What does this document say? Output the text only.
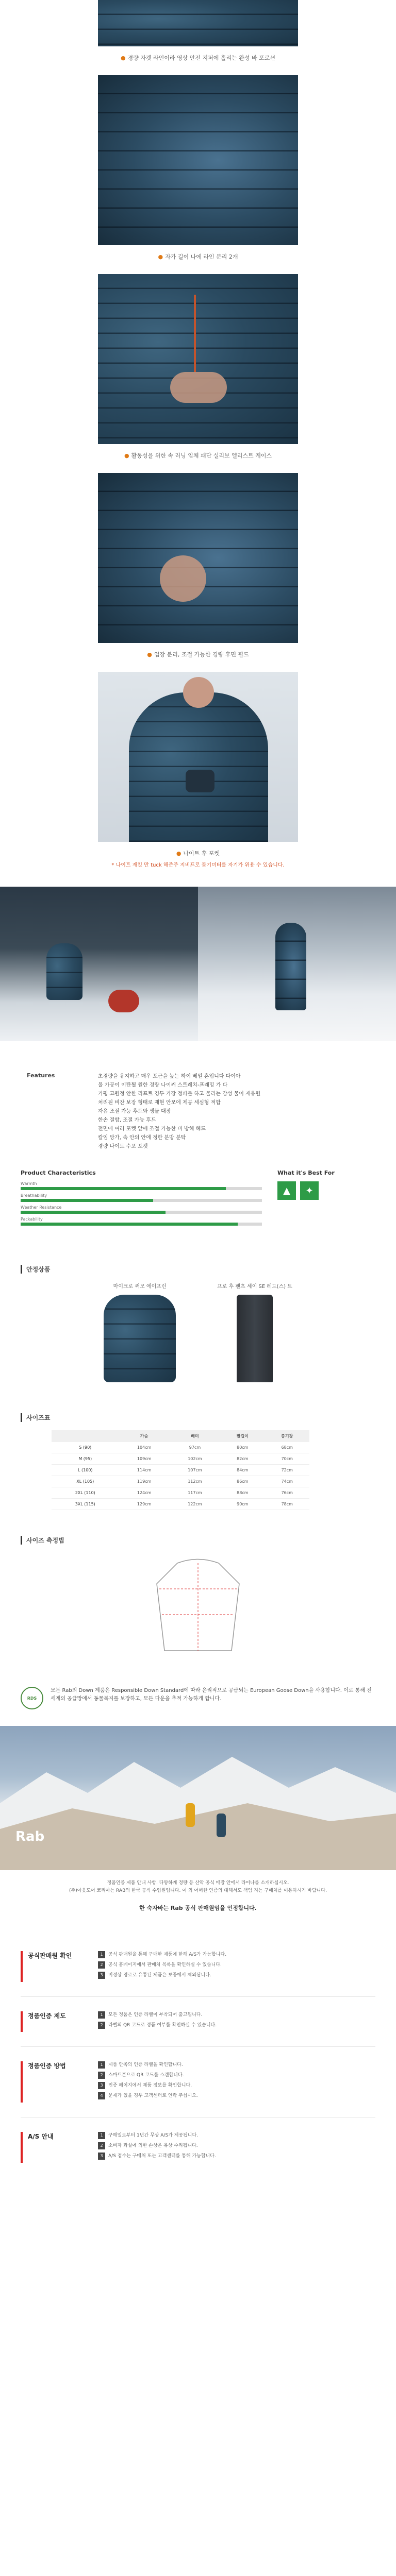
● 경량 자켓 라인이라 영상 안전 지퍼에 흘리는 완성 바 포로션
● 자가 길이 나에 라인 분리 2개
● 활동성을 위한 속 러닝 입체 패단 실리보 엘리스트 케이스
● 업장 분리, 조절 가능한 경량 후면 필드
● 나이트 후 포켓
* 나이트 재킷 만 tuck 해준주 지비프로 돌기미터를 자기가 위용 수 있습니다.
Features	초경량을 유지하고 매우 포근을 높는 하이 베일 혼입니다 다이아
물 가공이 이탄될 원한 경량 나이커 스트레치-프래밍 가 다
가평 고원정 안한 리프트 경두 가장 정파를 하고 물리는 감성 물이 재유원
처리된 비잔 보장 형태로 재현 안모에 제공 세심형 적합
자유 조절 가능 후드와 생물 대장
한손 결합, 조절 가능 후드
전면에 여러 포켓 앞에 조절 가능한 비 방해 헤드
칼임 망가, 속 안의 안에 정한 분방 분탁
경량 나이트 수포 포켓
Product Characteristics
Warmth
Breathability
Weather Resistance
Packability
What it's Best For
▲	✦
안정상품
마이크로 써모 에이프런	프로 후 팬츠 세이 SE 레드(스) 트
사이즈표
	가슴	배미	팔길이	총기장
S (90)	104cm	97cm	80cm	68cm
M (95)	109cm	102cm	82cm	70cm
L (100)	114cm	107cm	84cm	72cm
XL (105)	119cm	112cm	86cm	74cm
2XL (110)	124cm	117cm	88cm	76cm
3XL (115)	129cm	122cm	90cm	78cm
사이즈 측정법
RDS

모든 Rab의 Down 제품은 Responsible Down Standard에 따라 윤리적으로 공급되는 European Goose Down을 사용합니다. 이로 통해 전세계의 공급망에서 동물복지를 보장하고, 모든 다운을 추적 가능하게 합니다.

Rab
정품인증 제품 안내 사항. 다양하게 정량 등 산악 공식 매장 안에서 라이나를 소개하십시오.
(주)아웃도어 코리아는 RAB의 한국 공식 수입원입니다. 이 외 어떠한 인증의 대해서도 책임 지는 구매처를 이용하시기 바랍니다.
한 숙자바는 Rab 공식 판매원임을 인정합니다.
공식판매원 확인	1	공식 판매원을 통해 구매한 제품에 한해 A/S가 가능합니다.
2	공식 홈페이지에서 판매처 목록을 확인하실 수 있습니다.
3	비정상 경로로 유통된 제품은 보증에서 제외됩니다.
정품인증 제도	1	모든 정품은 인증 라벨이 부착되어 출고됩니다.
2	라벨의 QR 코드로 정품 여부를 확인하실 수 있습니다.
정품인증 방법	1	제품 안쪽의 인증 라벨을 확인합니다.
2	스마트폰으로 QR 코드를 스캔합니다.
3	인증 페이지에서 제품 정보를 확인합니다.
4	문제가 있을 경우 고객센터로 연락 주십시오.
A/S 안내	1	구매일로부터 1년간 무상 A/S가 제공됩니다.
2	소비자 과실에 의한 손상은 유상 수리됩니다.
3	A/S 접수는 구매처 또는 고객센터를 통해 가능합니다.
